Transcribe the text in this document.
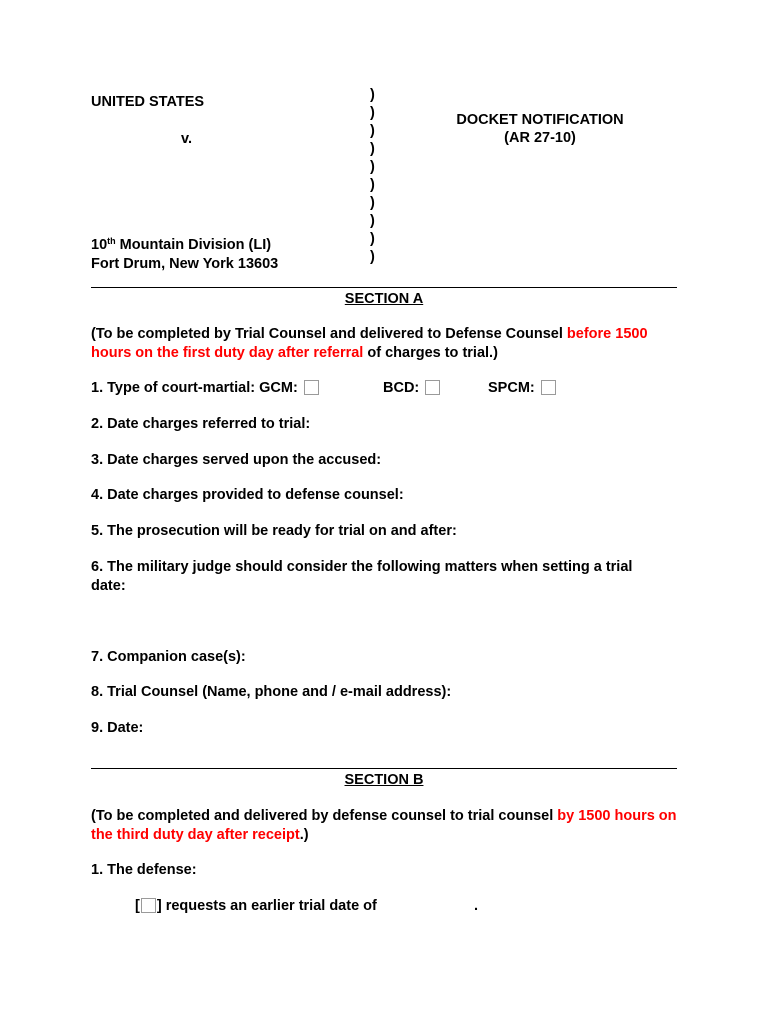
UNITED STATES
v.
10th Mountain Division (LI)
Fort Drum, New York 13603
)
)
)
)
)
)
)
)
)
)
DOCKET NOTIFICATION
(AR 27-10)
SECTION A
(To be completed by Trial Counsel and delivered to Defense Counsel before 1500 hours on the first duty day after referral of charges to trial.)
1. Type of court-martial: GCM:	BCD:	SPCM:
2. Date charges referred to trial:
3. Date charges served upon the accused:
4. Date charges provided to defense counsel:
5. The prosecution will be ready for trial on and after:
6. The military judge should consider the following matters when setting a trial date:
7. Companion case(s):
8. Trial Counsel (Name, phone and / e-mail address):
9. Date:
SECTION B
(To be completed and delivered by defense counsel to trial counsel by 1500 hours on the third duty day after receipt.)
1. The defense:
[ ] requests an earlier trial date of	.
